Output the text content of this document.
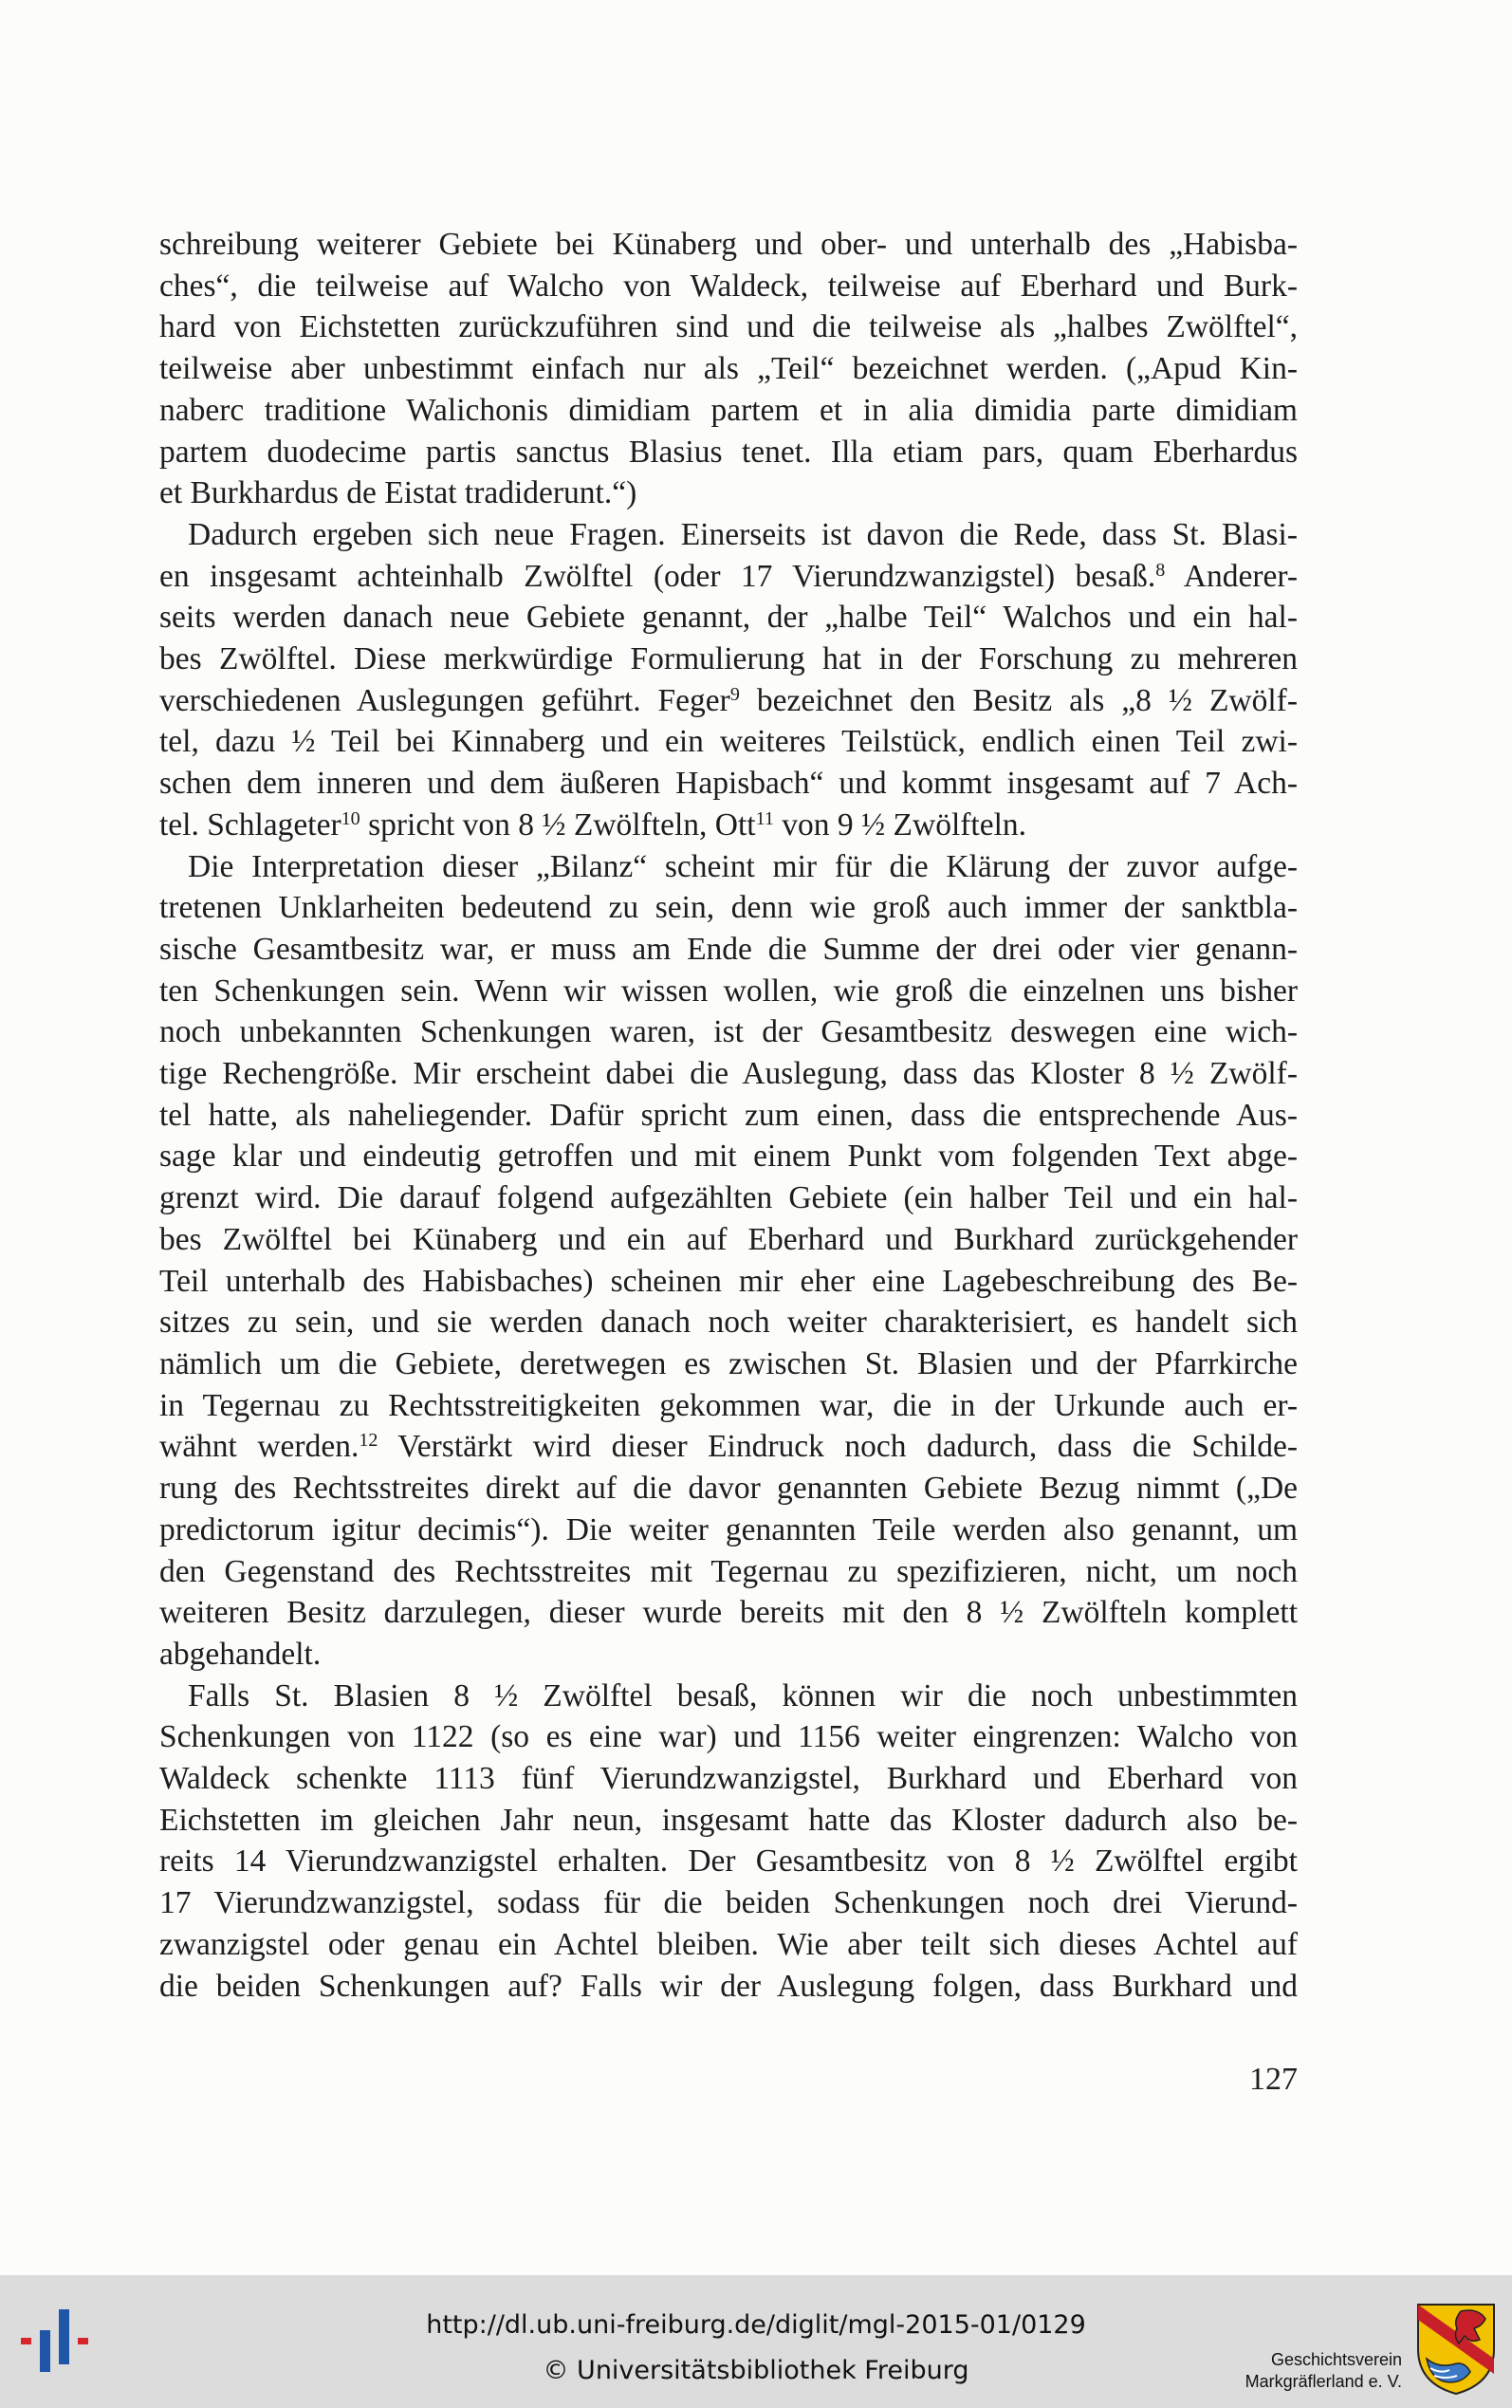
schreibung weiterer Gebiete bei Künaberg und ober- und unterhalb des „Habisba-
ches“, die teilweise auf Walcho von Waldeck, teilweise auf Eberhard und Burk-
hard von Eichstetten zurückzuführen sind und die teilweise als „halbes Zwölftel“,
teilweise aber unbestimmt einfach nur als „Teil“ bezeichnet werden. („Apud Kin-
naberc traditione Walichonis dimidiam partem et in alia dimidia parte dimidiam
partem duodecime partis sanctus Blasius tenet. Illa etiam pars, quam Eberhardus
et Burkhardus de Eistat tradiderunt.“)
Dadurch ergeben sich neue Fragen. Einerseits ist davon die Rede, dass St. Blasi-
en insgesamt achteinhalb Zwölftel (oder 17 Vierundzwanzigstel) besaß.$^8$ Anderer-
seits werden danach neue Gebiete genannt, der „halbe Teil“ Walchos und ein hal-
bes Zwölftel. Diese merkwürdige Formulierung hat in der Forschung zu mehreren
verschiedenen Auslegungen geführt. Feger$^9$ bezeichnet den Besitz als „8 ½ Zwölf-
tel, dazu ½ Teil bei Kinnaberg und ein weiteres Teilstück, endlich einen Teil zwi-
schen dem inneren und dem äußeren Hapisbach“ und kommt insgesamt auf 7 Ach-
tel. Schlageter$^{10}$ spricht von 8 ½ Zwölfteln, Ott$^{11}$ von 9 ½ Zwölfteln.
Die Interpretation dieser „Bilanz“ scheint mir für die Klärung der zuvor aufge-
tretenen Unklarheiten bedeutend zu sein, denn wie groß auch immer der sanktbla-
sische Gesamtbesitz war, er muss am Ende die Summe der drei oder vier genann-
ten Schenkungen sein. Wenn wir wissen wollen, wie groß die einzelnen uns bisher
noch unbekannten Schenkungen waren, ist der Gesamtbesitz deswegen eine wich-
tige Rechengröße. Mir erscheint dabei die Auslegung, dass das Kloster 8 ½ Zwölf-
tel hatte, als naheliegender. Dafür spricht zum einen, dass die entsprechende Aus-
sage klar und eindeutig getroffen und mit einem Punkt vom folgenden Text abge-
grenzt wird. Die darauf folgend aufgezählten Gebiete (ein halber Teil und ein hal-
bes Zwölftel bei Künaberg und ein auf Eberhard und Burkhard zurückgehender
Teil unterhalb des Habisbaches) scheinen mir eher eine Lagebeschreibung des Be-
sitzes zu sein, und sie werden danach noch weiter charakterisiert, es handelt sich
nämlich um die Gebiete, deretwegen es zwischen St. Blasien und der Pfarrkirche
in Tegernau zu Rechtsstreitigkeiten gekommen war, die in der Urkunde auch er-
wähnt werden.$^{12}$ Verstärkt wird dieser Eindruck noch dadurch, dass die Schilde-
rung des Rechtsstreites direkt auf die davor genannten Gebiete Bezug nimmt („De
predictorum igitur decimis“). Die weiter genannten Teile werden also genannt, um
den Gegenstand des Rechtsstreites mit Tegernau zu spezifizieren, nicht, um noch
weiteren Besitz darzulegen, dieser wurde bereits mit den 8 ½ Zwölfteln komplett
abgehandelt.
Falls St. Blasien 8 ½ Zwölftel besaß, können wir die noch unbestimmten
Schenkungen von 1122 (so es eine war) und 1156 weiter eingrenzen: Walcho von
Waldeck schenkte 1113 fünf Vierundzwanzigstel, Burkhard und Eberhard von
Eichstetten im gleichen Jahr neun, insgesamt hatte das Kloster dadurch also be-
reits 14 Vierundzwanzigstel erhalten. Der Gesamtbesitz von 8 ½ Zwölftel ergibt
17 Vierundzwanzigstel, sodass für die beiden Schenkungen noch drei Vierund-
zwanzigstel oder genau ein Achtel bleiben. Wie aber teilt sich dieses Achtel auf
die beiden Schenkungen auf? Falls wir der Auslegung folgen, dass Burkhard und
127
http://dl.ub.uni-freiburg.de/diglit/mgl-2015-01/0129
© Universitätsbibliothek Freiburg	Geschichtsverein
Markgräflerland e. V.
